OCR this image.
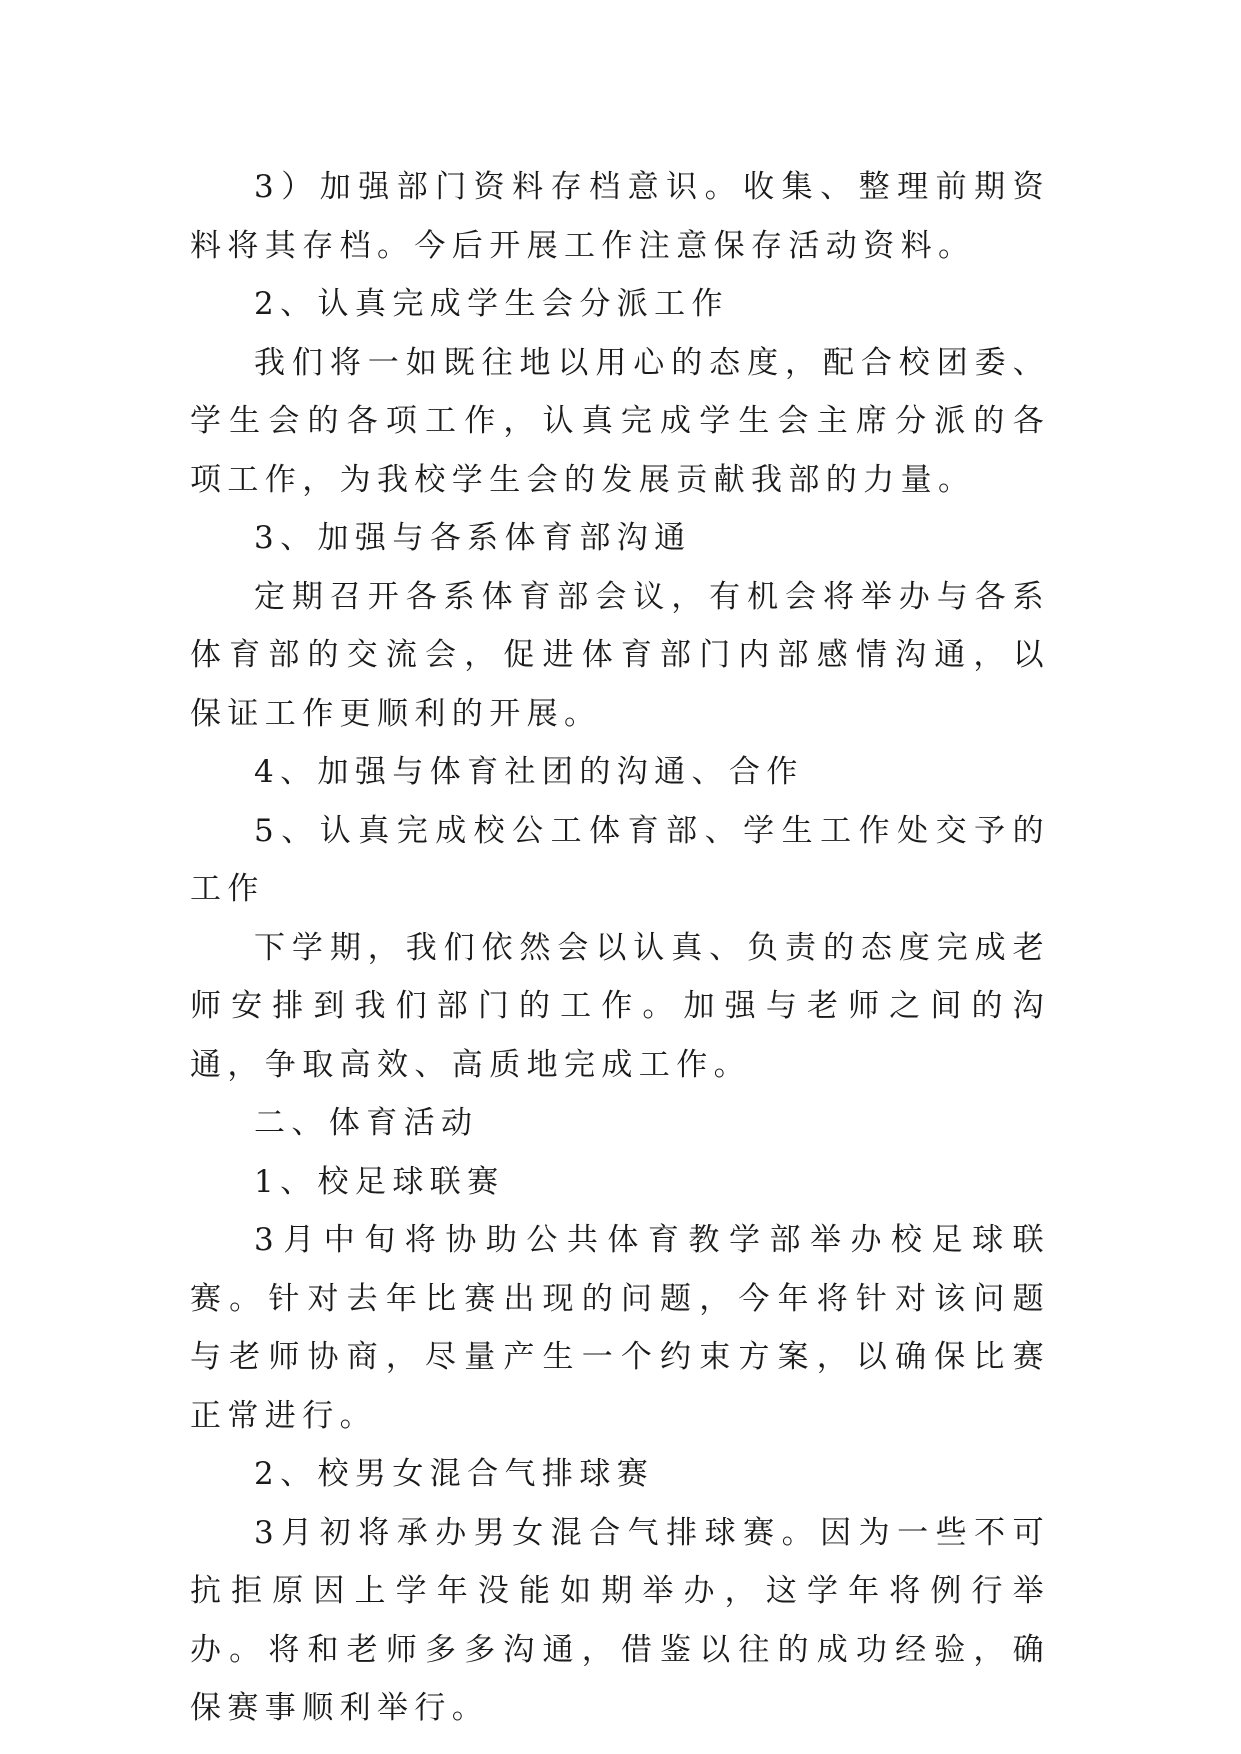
3）加强部门资料存档意识。收集、整理前期资料将其存档。今后开展工作注意保存活动资料。

2、认真完成学生会分派工作

我们将一如既往地以用心的态度，配合校团委、学生会的各项工作，认真完成学生会主席分派的各项工作，为我校学生会的发展贡献我部的力量。

3、加强与各系体育部沟通

定期召开各系体育部会议，有机会将举办与各系体育部的交流会，促进体育部门内部感情沟通，以保证工作更顺利的开展。

4、加强与体育社团的沟通、合作

5、认真完成校公工体育部、学生工作处交予的工作

下学期，我们依然会以认真、负责的态度完成老师安排到我们部门的工作。加强与老师之间的沟通，争取高效、高质地完成工作。

二、体育活动

1、校足球联赛

3月中旬将协助公共体育教学部举办校足球联赛。针对去年比赛出现的问题，今年将针对该问题与老师协商，尽量产生一个约束方案，以确保比赛正常进行。

2、校男女混合气排球赛

3月初将承办男女混合气排球赛。因为一些不可抗拒原因上学年没能如期举办，这学年将例行举办。将和老师多多沟通，借鉴以往的成功经验，确保赛事顺利举行。
